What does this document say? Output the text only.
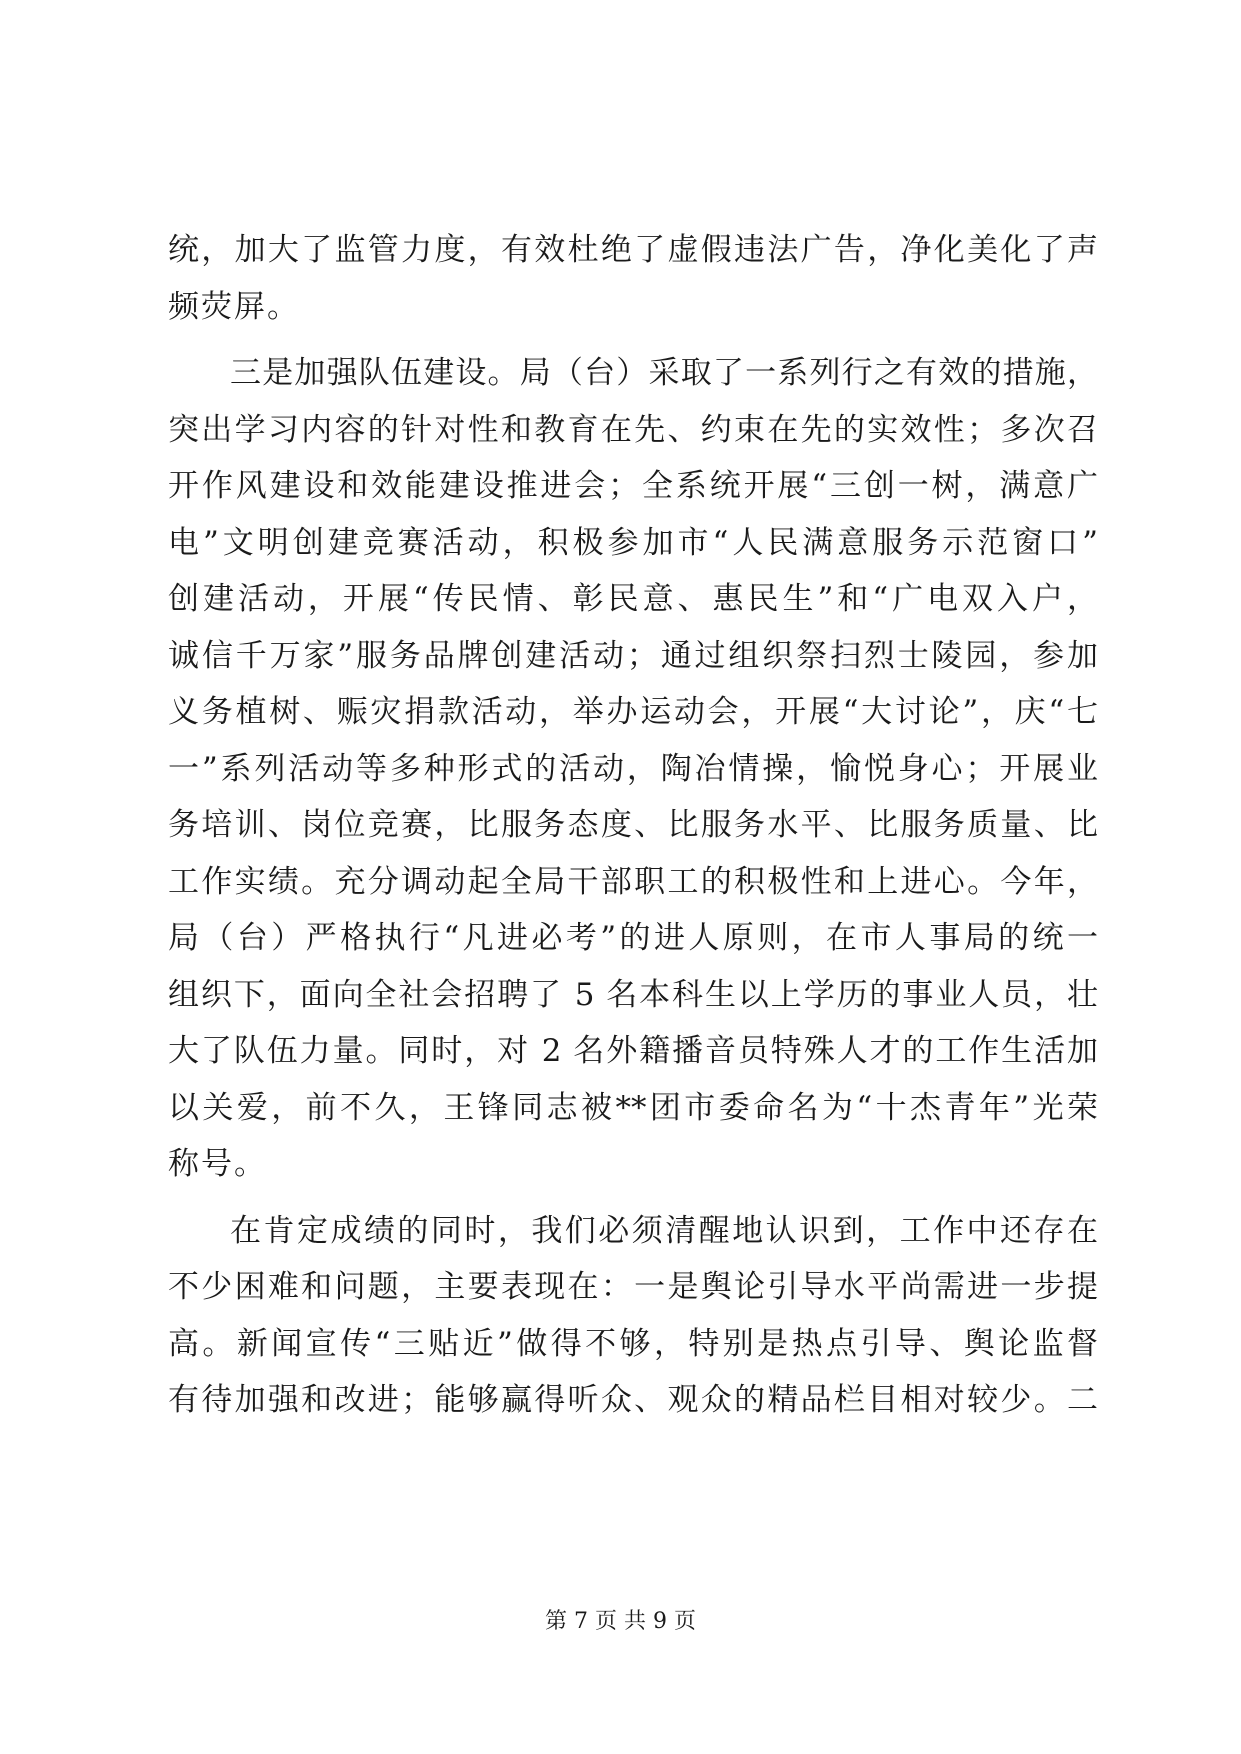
统，加大了监管力度，有效杜绝了虚假违法广告，净化美化了声
频荧屏。
三是加强队伍建设。局（台）采取了一系列行之有效的措施，
突出学习内容的针对性和教育在先、约束在先的实效性；多次召
开作风建设和效能建设推进会；全系统开展“三创一树，满意广
电”文明创建竞赛活动，积极参加市“人民满意服务示范窗口”
创建活动，开展“传民情、彰民意、惠民生”和“广电双入户，
诚信千万家”服务品牌创建活动；通过组织祭扫烈士陵园，参加
义务植树、赈灾捐款活动，举办运动会，开展“大讨论”，庆“七
一”系列活动等多种形式的活动，陶冶情操，愉悦身心；开展业
务培训、岗位竞赛，比服务态度、比服务水平、比服务质量、比
工作实绩。充分调动起全局干部职工的积极性和上进心。今年，
局（台）严格执行“凡进必考”的进人原则，在市人事局的统一
组织下，面向全社会招聘了 5 名本科生以上学历的事业人员，壮
大了队伍力量。同时，对 2 名外籍播音员特殊人才的工作生活加
以关爱，前不久，王锋同志被**团市委命名为“十杰青年”光荣
称号。
在肯定成绩的同时，我们必须清醒地认识到，工作中还存在
不少困难和问题，主要表现在：一是舆论引导水平尚需进一步提
高。新闻宣传“三贴近”做得不够，特别是热点引导、舆论监督
有待加强和改进；能够赢得听众、观众的精品栏目相对较少。二
第 7 页 共 9 页
